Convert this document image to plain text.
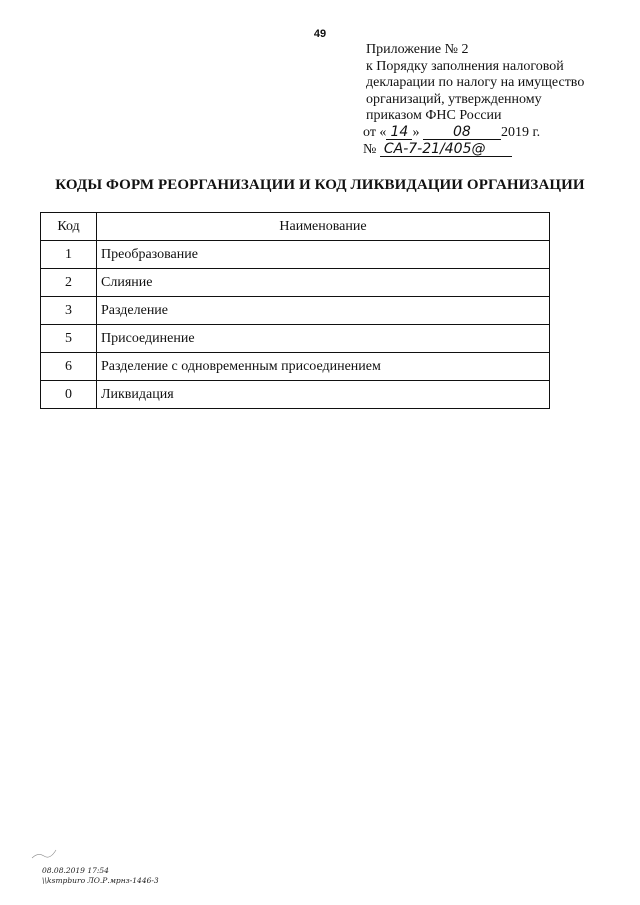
49
Приложение № 2
к Порядку заполнения налоговой
декларации по налогу на имущество
организаций, утвержденному
приказом ФНС России
от « 14 » 08 2019 г.
№ СА-7-21/405@
КОДЫ ФОРМ РЕОРГАНИЗАЦИИ И КОД ЛИКВИДАЦИИ ОРГАНИЗАЦИИ
Код	Наименование
1	Преобразование
2	Слияние
3	Разделение
5	Присоединение
6	Разделение с одновременным присоединением
0	Ликвидация
08.08.2019 17:54
\\ksmpburo ЛО.Р.мрнз-1446-3
